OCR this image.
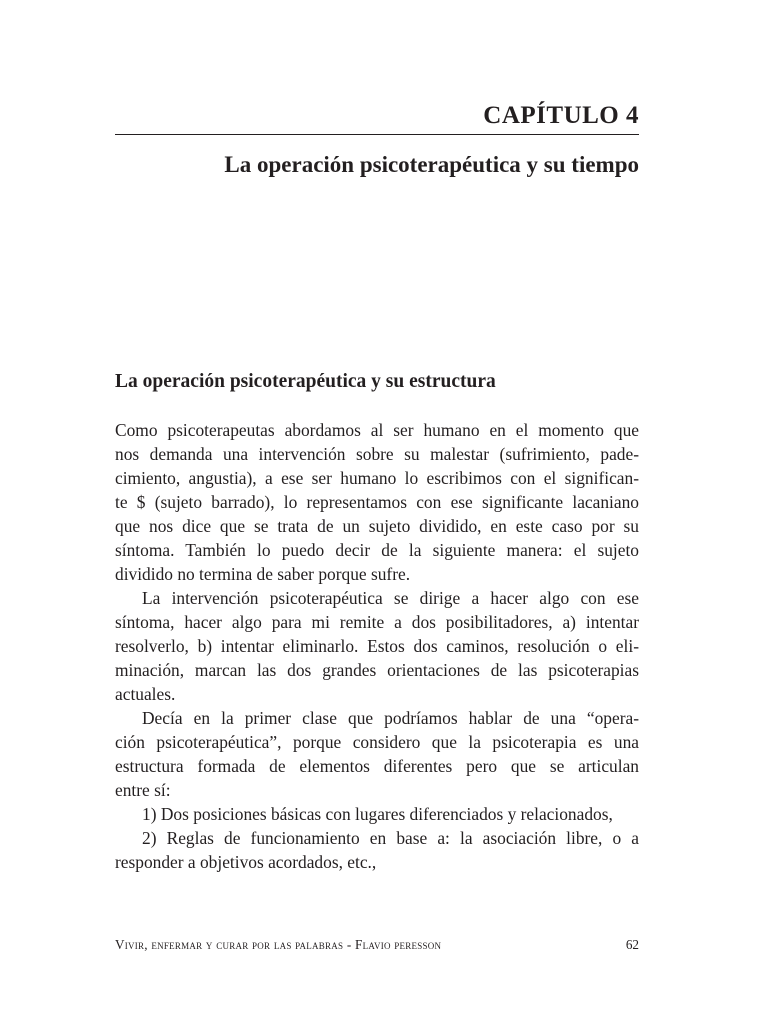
CAPÍTULO 4
La operación psicoterapéutica y su tiempo
La operación psicoterapéutica y su estructura
Como psicoterapeutas abordamos al ser humano en el momento que
nos demanda una intervención sobre su malestar (sufrimiento, pade-
cimiento, angustia), a ese ser humano lo escribimos con el significan-
te $ (sujeto barrado), lo representamos con ese significante lacaniano
que nos dice que se trata de un sujeto dividido, en este caso por su
síntoma. También lo puedo decir de la siguiente manera: el sujeto
dividido no termina de saber porque sufre.
La intervención psicoterapéutica se dirige a hacer algo con ese
síntoma, hacer algo para mi remite a dos posibilitadores, a) intentar
resolverlo, b) intentar eliminarlo. Estos dos caminos, resolución o eli-
minación, marcan las dos grandes orientaciones de las psicoterapias
actuales.
Decía en la primer clase que podríamos hablar de una “opera-
ción psicoterapéutica”, porque considero que la psicoterapia es una
estructura formada de elementos diferentes pero que se articulan
entre sí:
1) Dos posiciones básicas con lugares diferenciados y relacionados,
2) Reglas de funcionamiento en base a: la asociación libre, o a
responder a objetivos acordados, etc.,
Vivir, enfermar y curar por las palabras - Flavio peresson	62
